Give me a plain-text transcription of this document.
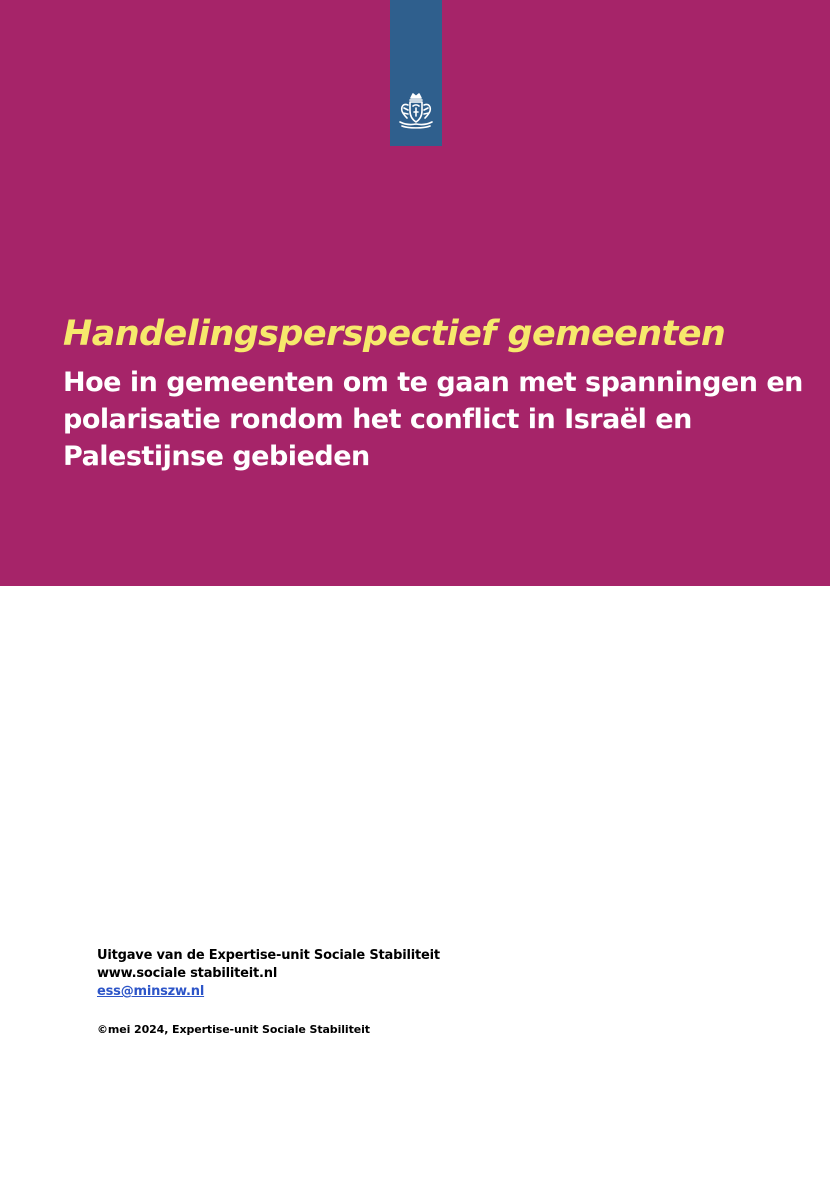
Handelingsperspectief gemeenten
Hoe in gemeenten om te gaan met spanningen en polarisatie rondom het conflict in Israël en Palestijnse gebieden
Uitgave van de Expertise-unit Sociale Stabiliteit
www.sociale stabiliteit.nl
ess@minszw.nl
©mei 2024, Expertise-unit Sociale Stabiliteit
